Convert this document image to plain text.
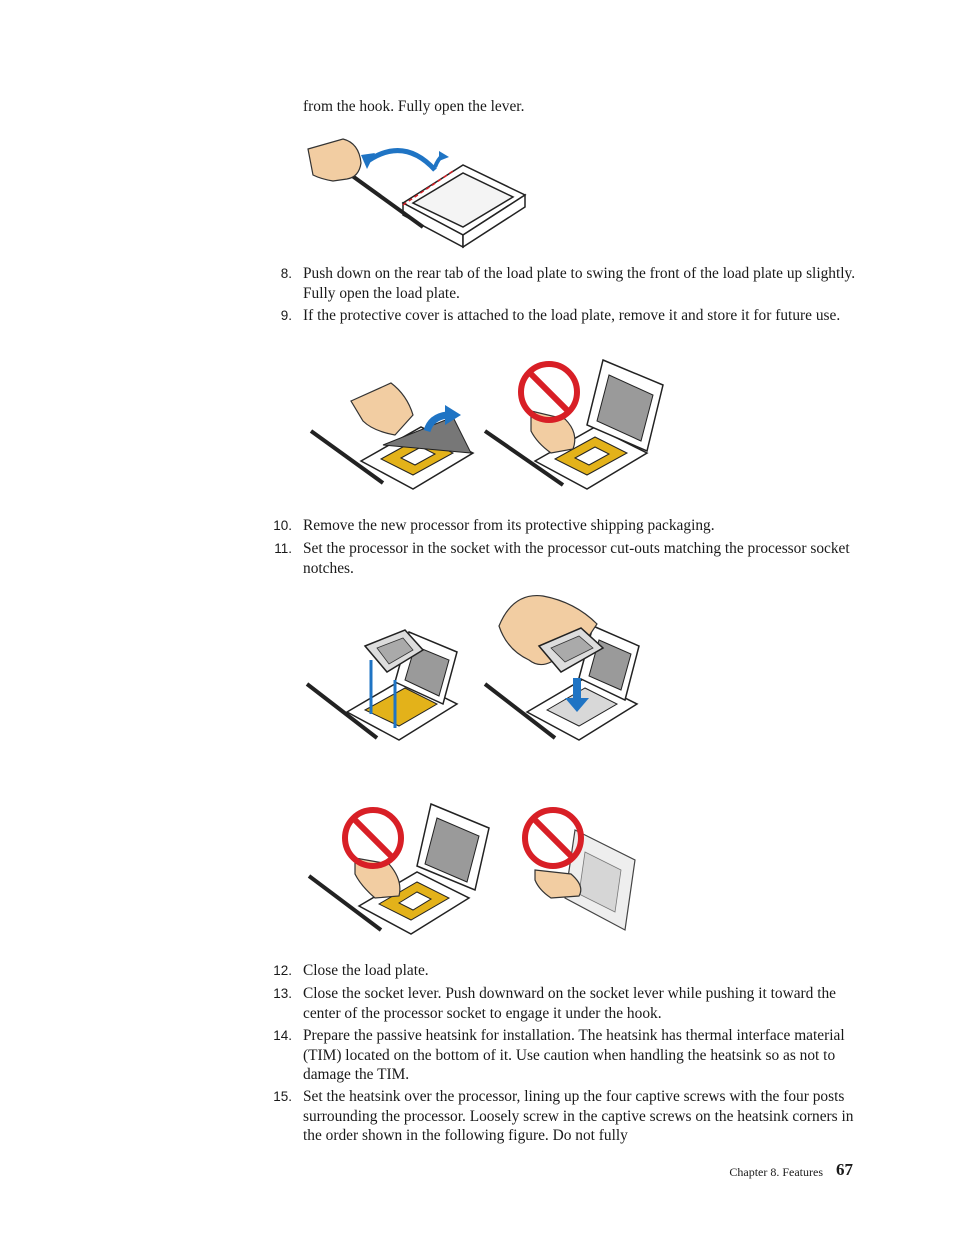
from the hook. Fully open the lever.
8. Push down on the rear tab of the load plate to swing the front of the load plate up slightly. Fully open the load plate.
9. If the protective cover is attached to the load plate, remove it and store it for future use.
10. Remove the new processor from its protective shipping packaging.
11. Set the processor in the socket with the processor cut-outs matching the processor socket notches.
12. Close the load plate.
13. Close the socket lever. Push downward on the socket lever while pushing it toward the center of the processor socket to engage it under the hook.
14. Prepare the passive heatsink for installation. The heatsink has thermal interface material (TIM) located on the bottom of it. Use caution when handling the heatsink so as not to damage the TIM.
15. Set the heatsink over the processor, lining up the four captive screws with the four posts surrounding the processor. Loosely screw in the captive screws on the heatsink corners in the order shown in the following figure. Do not fully
Chapter 8. Features 67
